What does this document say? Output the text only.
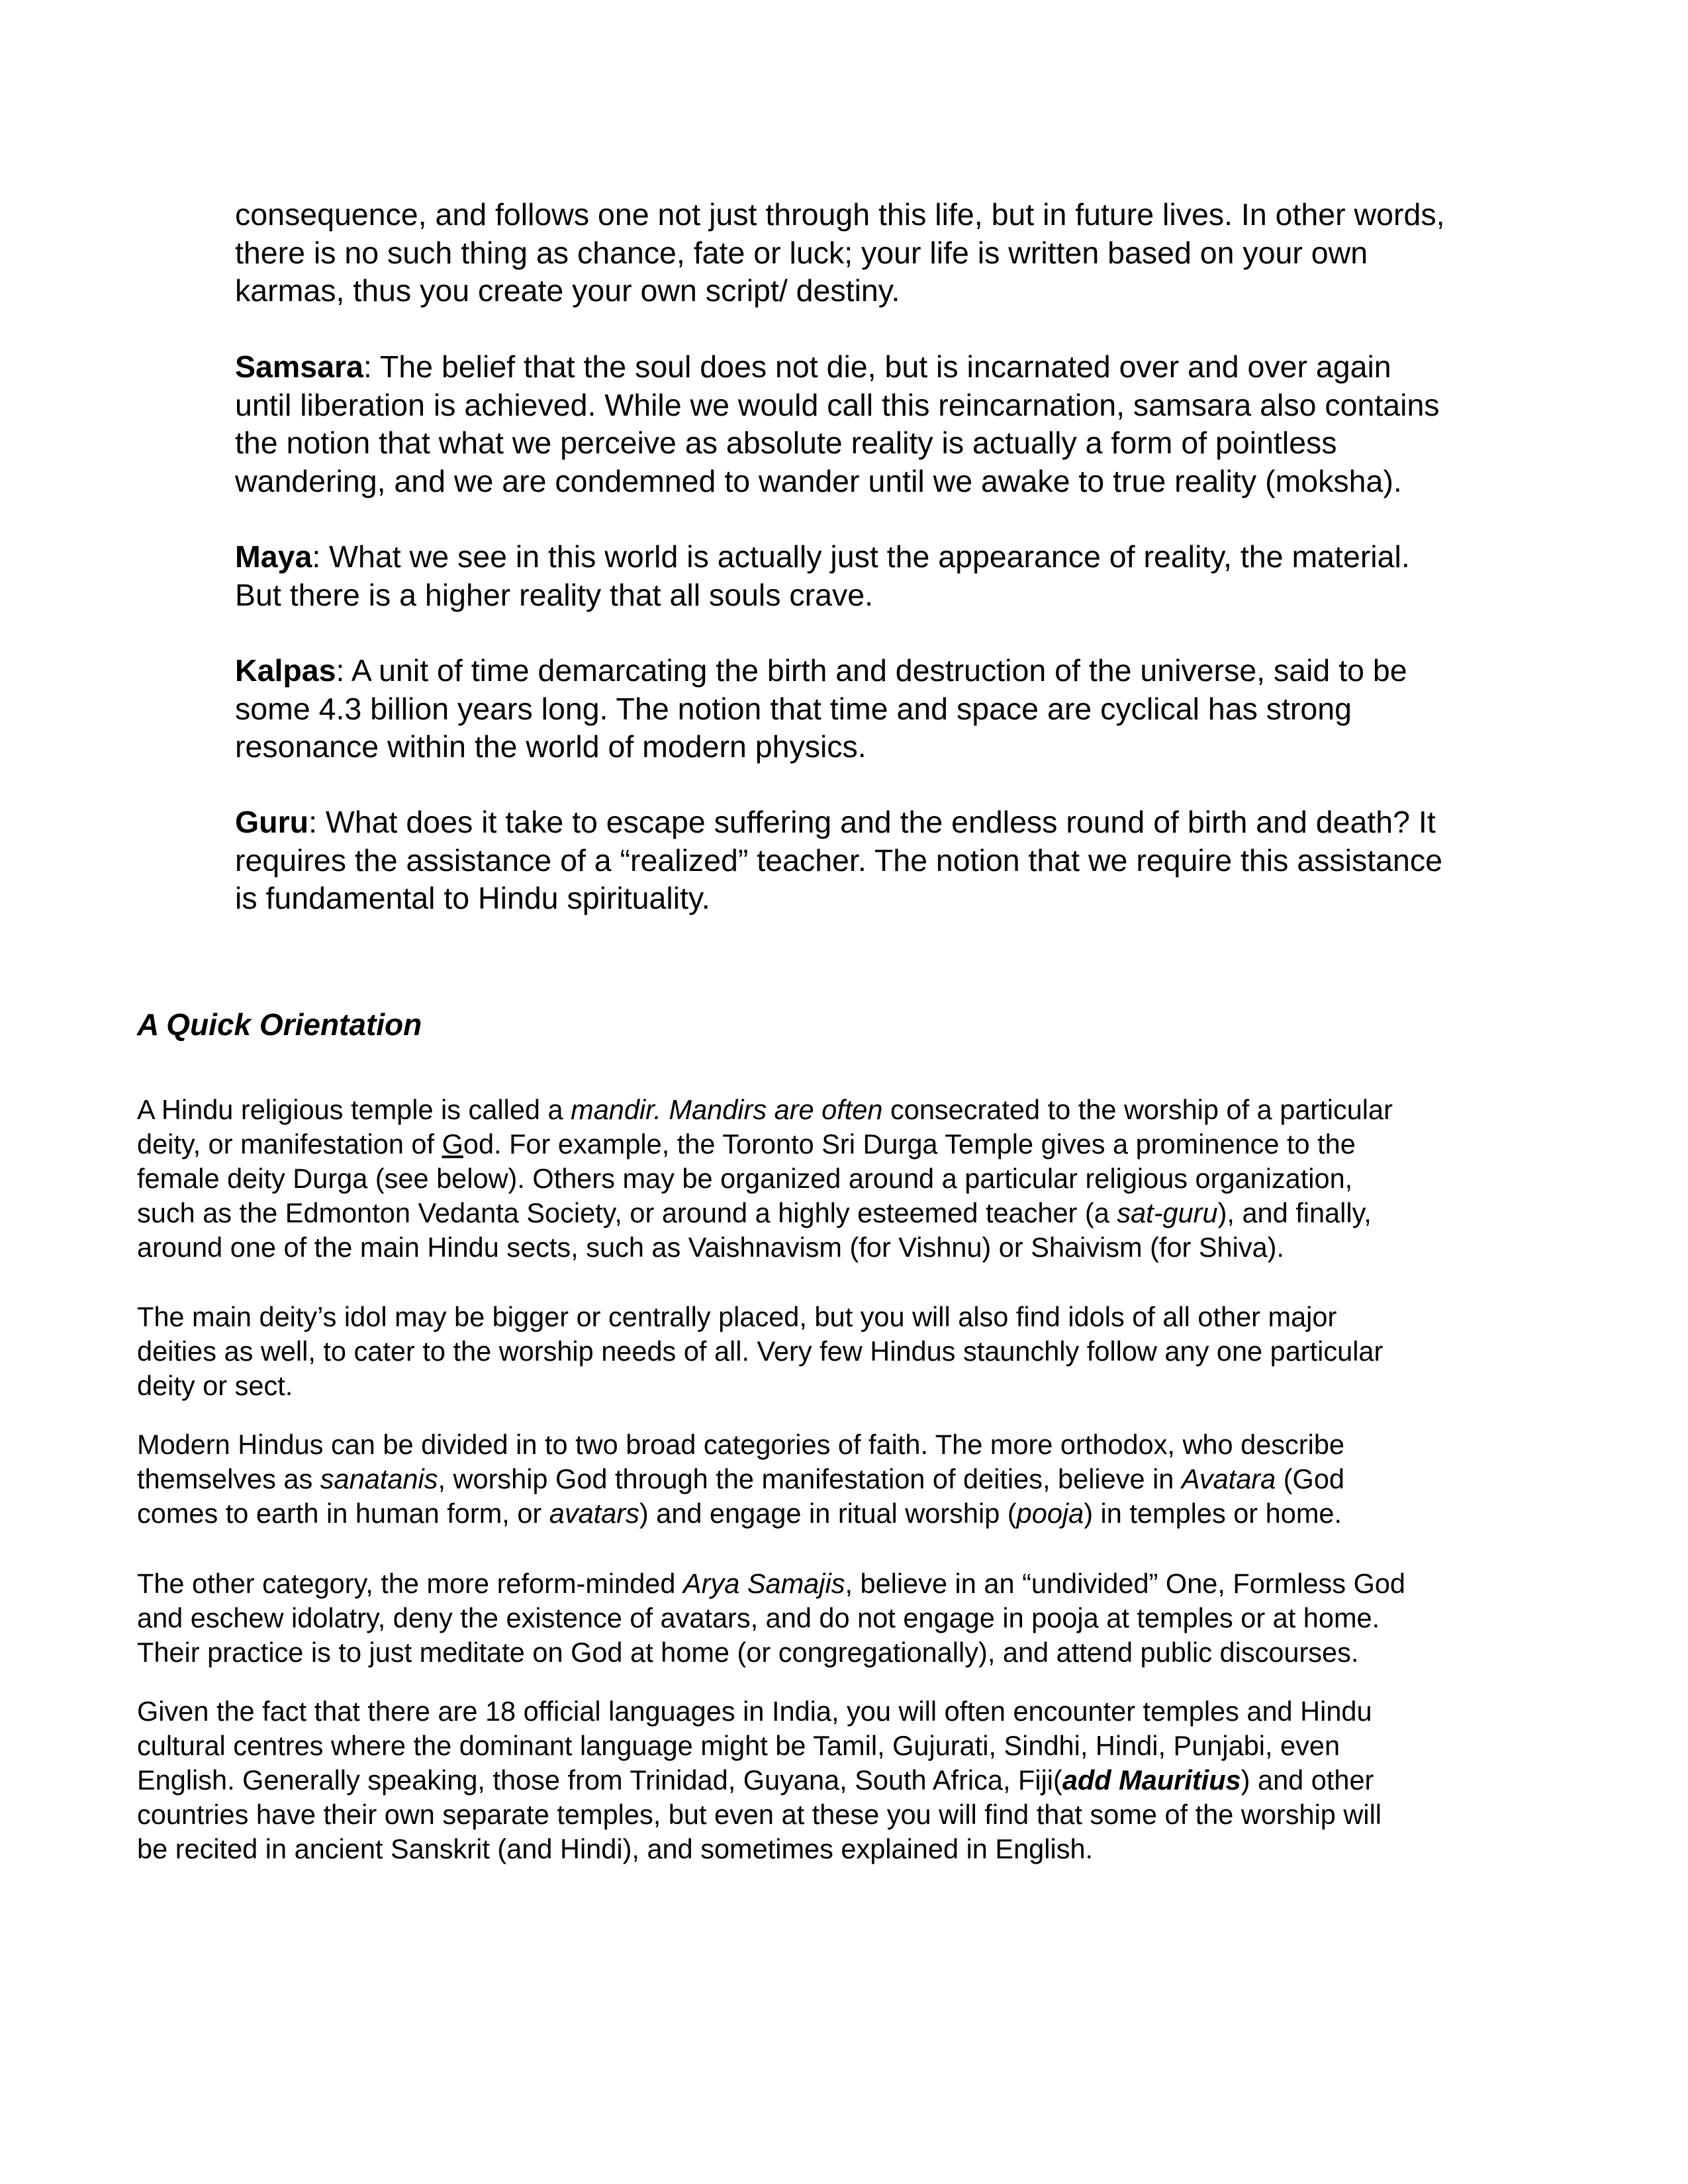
consequence, and follows one not just through this life, but in future lives. In other words,
there is no such thing as chance, fate or luck; your life is written based on your own
karmas, thus you create your own script/ destiny.

Samsara: The belief that the soul does not die, but is incarnated over and over again
until liberation is achieved. While we would call this reincarnation, samsara also contains
the notion that what we perceive as absolute reality is actually a form of pointless
wandering, and we are condemned to wander until we awake to true reality (moksha).

Maya: What we see in this world is actually just the appearance of reality, the material.
But there is a higher reality that all souls crave.

Kalpas: A unit of time demarcating the birth and destruction of the universe, said to be
some 4.3 billion years long. The notion that time and space are cyclical has strong
resonance within the world of modern physics.

Guru: What does it take to escape suffering and the endless round of birth and death? It
requires the assistance of a “realized” teacher. The notion that we require this assistance
is fundamental to Hindu spirituality.

A Quick Orientation

A Hindu religious temple is called a mandir. Mandirs are often consecrated to the worship of a particular
deity, or manifestation of God. For example, the Toronto Sri Durga Temple gives a prominence to the
female deity Durga (see below). Others may be organized around a particular religious organization,
such as the Edmonton Vedanta Society, or around a highly esteemed teacher (a sat-guru), and finally,
around one of the main Hindu sects, such as Vaishnavism (for Vishnu) or Shaivism (for Shiva).

The main deity’s idol may be bigger or centrally placed, but you will also find idols of all other major
deities as well, to cater to the worship needs of all. Very few Hindus staunchly follow any one particular
deity or sect.

Modern Hindus can be divided in to two broad categories of faith. The more orthodox, who describe
themselves as sanatanis, worship God through the manifestation of deities, believe in Avatara (God
comes to earth in human form, or avatars) and engage in ritual worship (pooja) in temples or home.

The other category, the more reform-minded Arya Samajis, believe in an “undivided” One, Formless God
and eschew idolatry, deny the existence of avatars, and do not engage in pooja at temples or at home.
Their practice is to just meditate on God at home (or congregationally), and attend public discourses.

Given the fact that there are 18 official languages in India, you will often encounter temples and Hindu
cultural centres where the dominant language might be Tamil, Gujurati, Sindhi, Hindi, Punjabi, even
English. Generally speaking, those from Trinidad, Guyana, South Africa, Fiji(add Mauritius) and other
countries have their own separate temples, but even at these you will find that some of the worship will
be recited in ancient Sanskrit (and Hindi), and sometimes explained in English.
